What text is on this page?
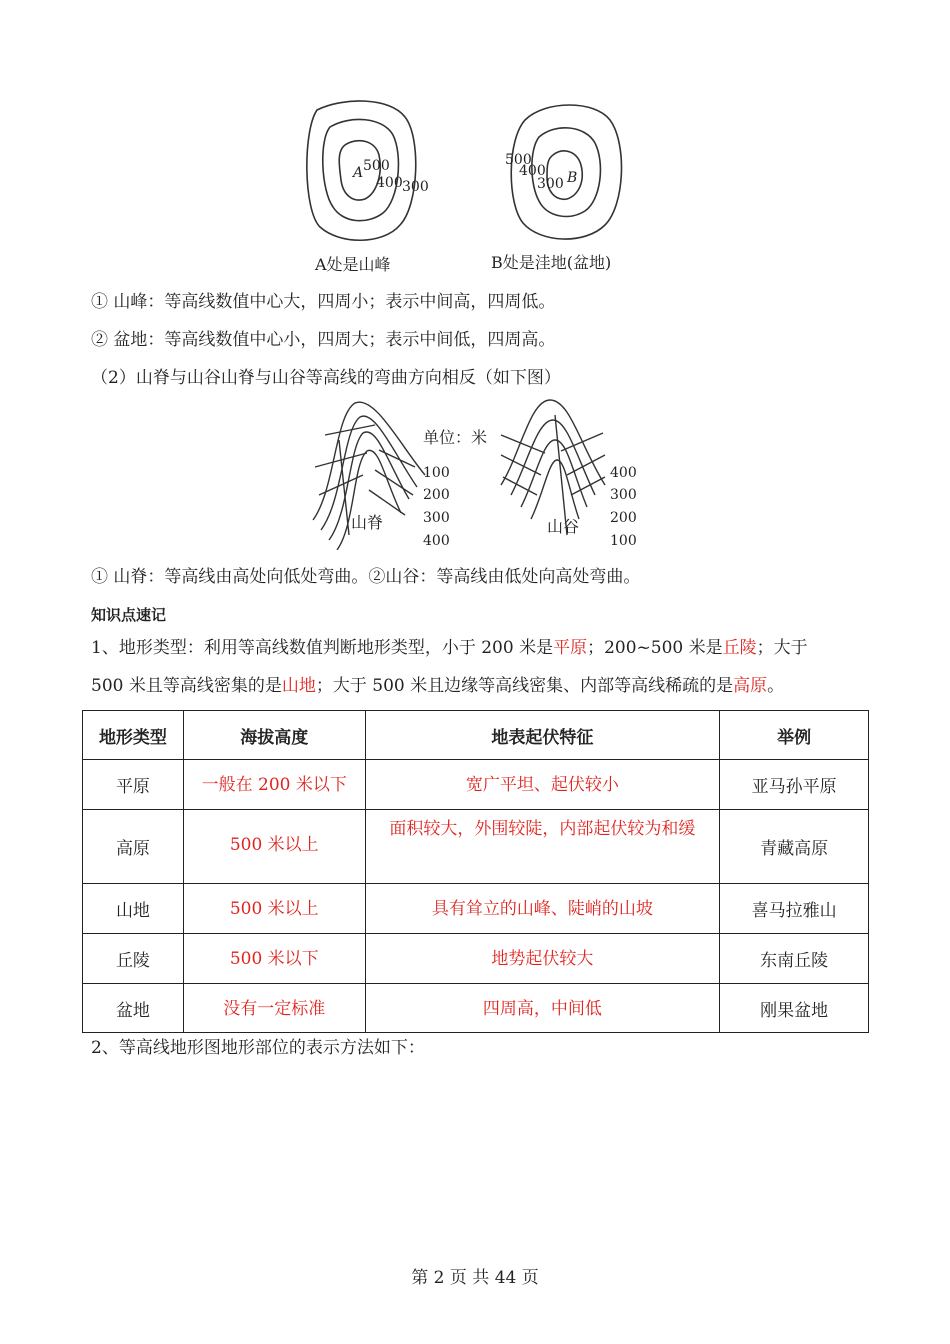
A 500
400 300
500
400
300 B
A处是山峰	B处是洼地(盆地)
① 山峰：等高线数值中心大，四周小；表示中间高，四周低。
② 盆地：等高线数值中心小，四周大；表示中间低，四周高。
（2）山脊与山谷山脊与山谷等高线的弯曲方向相反（如下图）
单位：米
100
200
300
400
山脊
400
300
200
100
山谷
① 山脊：等高线由高处向低处弯曲。②山谷：等高线由低处向高处弯曲。
知识点速记
1、地形类型：利用等高线数值判断地形类型，小于 200 米是平原；200~500 米是丘陵；大于
500 米且等高线密集的是山地；大于 500 米且边缘等高线密集、内部等高线稀疏的是高原。
地形类型	海拔高度	地表起伏特征	举例
平原	一般在 200 米以下	宽广平坦、起伏较小	亚马孙平原
高原	500 米以上	面积较大，外围较陡，内部起伏较为和缓	青藏高原
山地	500 米以上	具有耸立的山峰、陡峭的山坡	喜马拉雅山
丘陵	500 米以下	地势起伏较大	东南丘陵
盆地	没有一定标准	四周高，中间低	刚果盆地
2、等高线地形图地形部位的表示方法如下：
第 2 页 共 44 页
